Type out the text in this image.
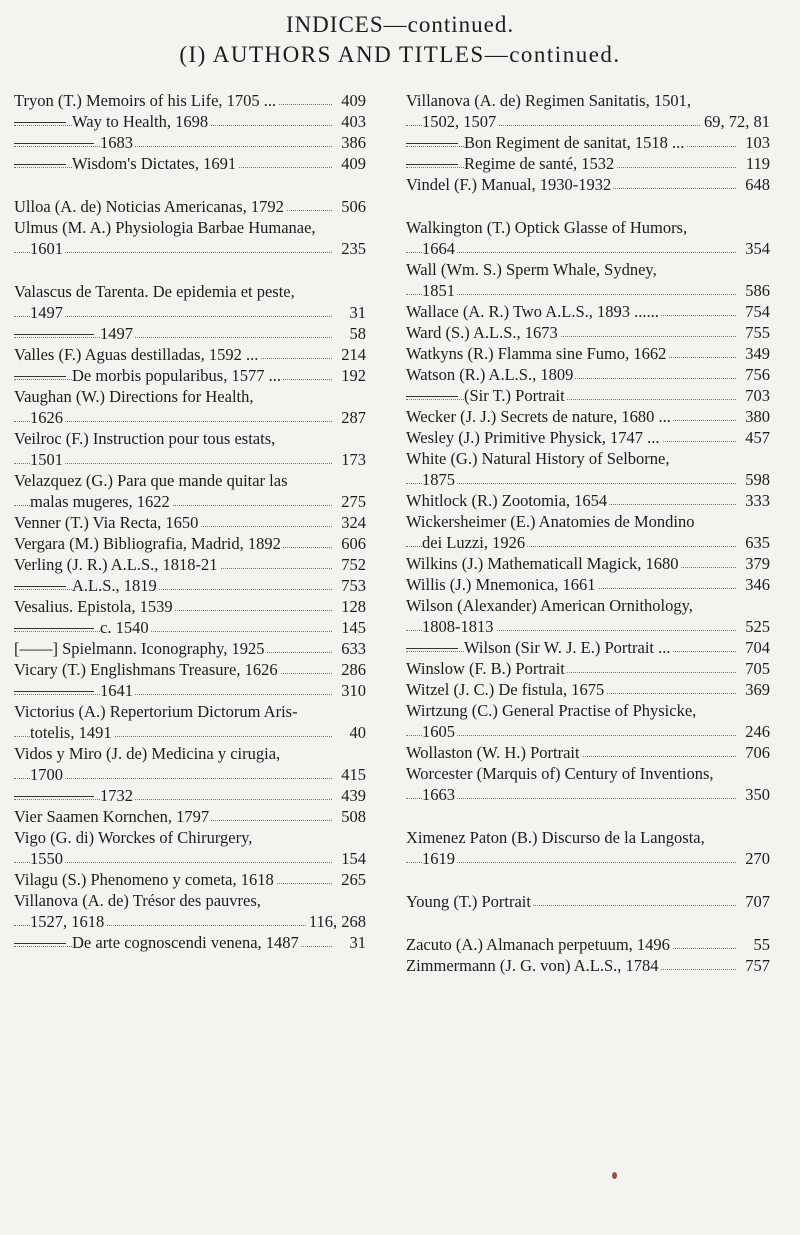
INDICES—continued.
(I) AUTHORS AND TITLES—continued.
Tryon (T.) Memoirs of his Life, 1705 ...	409
Way to Health, 1698	403
1683	386
Wisdom's Dictates, 1691	409
Ulloa (A. de) Noticias Americanas, 1792	506
Ulmus (M. A.) Physiologia Barbae Humanae,
1601	235
Valascus de Tarenta. De epidemia et peste,
1497	31
1497	58
Valles (F.) Aguas destilladas, 1592 ...	214
De morbis popularibus, 1577 ...	192
Vaughan (W.) Directions for Health,
1626	287
Veilroc (F.) Instruction pour tous estats,
1501	173
Velazquez (G.) Para que mande quitar las
malas mugeres, 1622	275
Venner (T.) Via Recta, 1650	324
Vergara (M.) Bibliografia, Madrid, 1892	606
Verling (J. R.) A.L.S., 1818-21	752
A.L.S., 1819	753
Vesalius. Epistola, 1539	128
c. 1540	145
[——] Spielmann. Iconography, 1925	633
Vicary (T.) Englishmans Treasure, 1626	286
1641	310
Victorius (A.) Repertorium Dictorum Aris-
totelis, 1491	40
Vidos y Miro (J. de) Medicina y cirugia,
1700	415
1732	439
Vier Saamen Kornchen, 1797	508
Vigo (G. di) Worckes of Chirurgery,
1550	154
Vilagu (S.) Phenomeno y cometa, 1618	265
Villanova (A. de) Trésor des pauvres,
1527, 1618	116, 268
De arte cognoscendi venena, 1487	31
Villanova (A. de) Regimen Sanitatis, 1501,
1502, 1507	69, 72, 81
Bon Regiment de sanitat, 1518 ...	103
Regime de santé, 1532	119
Vindel (F.) Manual, 1930-1932	648
Walkington (T.) Optick Glasse of Humors,
1664	354
Wall (Wm. S.) Sperm Whale, Sydney,
1851	586
Wallace (A. R.) Two A.L.S., 1893 ......	754
Ward (S.) A.L.S., 1673	755
Watkyns (R.) Flamma sine Fumo, 1662	349
Watson (R.) A.L.S., 1809	756
(Sir T.) Portrait	703
Wecker (J. J.) Secrets de nature, 1680 ...	380
Wesley (J.) Primitive Physick, 1747 ...	457
White (G.) Natural History of Selborne,
1875	598
Whitlock (R.) Zootomia, 1654	333
Wickersheimer (E.) Anatomies de Mondino
dei Luzzi, 1926	635
Wilkins (J.) Mathematicall Magick, 1680	379
Willis (J.) Mnemonica, 1661	346
Wilson (Alexander) American Ornithology,
1808-1813	525
Wilson (Sir W. J. E.) Portrait ...	704
Winslow (F. B.) Portrait	705
Witzel (J. C.) De fistula, 1675	369
Wirtzung (C.) General Practise of Physicke,
1605	246
Wollaston (W. H.) Portrait	706
Worcester (Marquis of) Century of Inventions,
1663	350
Ximenez Paton (B.) Discurso de la Langosta,
1619	270
Young (T.) Portrait	707
Zacuto (A.) Almanach perpetuum, 1496	55
Zimmermann (J. G. von) A.L.S., 1784	757
